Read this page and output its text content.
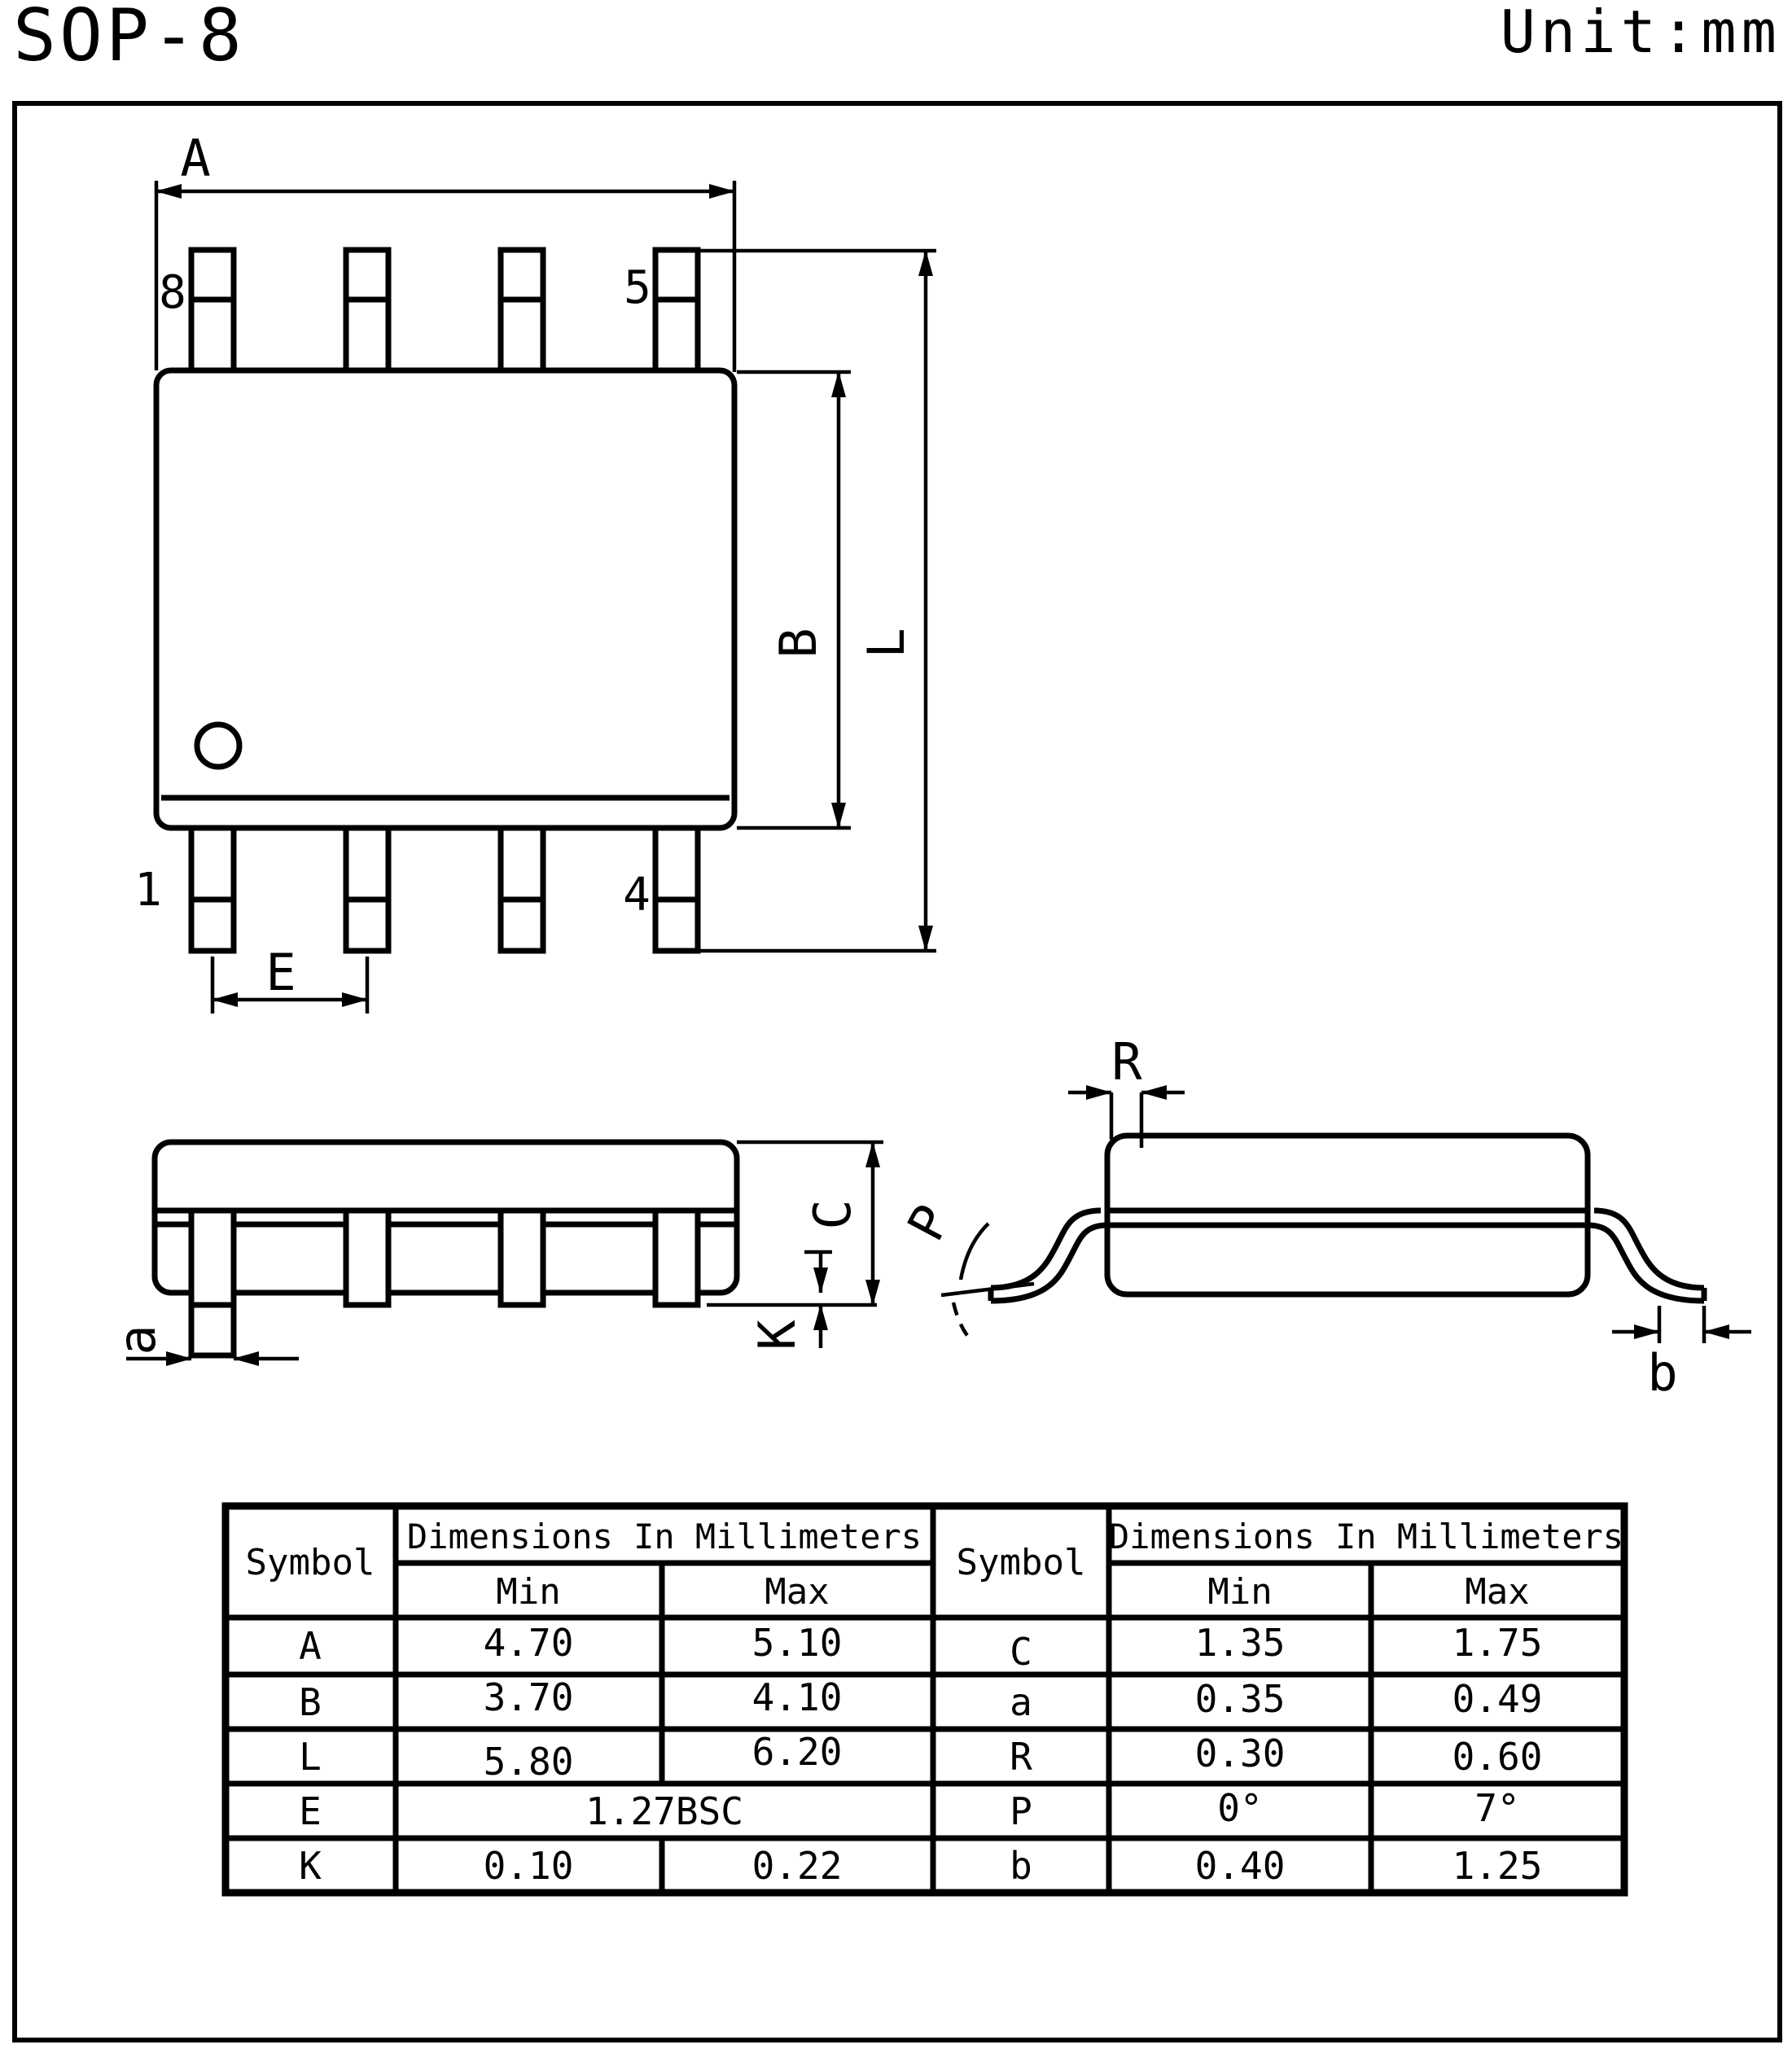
SOP-8	Unit:mm
8	5
1	4
A
B L
E
a
C
K
R
P
b
Symbol
Dimensions In Millimeters
Min	Max
Symbol
Dimensions In Millimeters
Min	Max
A	4.70	5.10
B	3.70	4.10
L	5.80	6.20
E	1.27BSC
K	0.10	0.22
C	1.35	1.75
a	0.35	0.49
R	0.30	0.60
P	0°	7°
b	0.40	1.25
